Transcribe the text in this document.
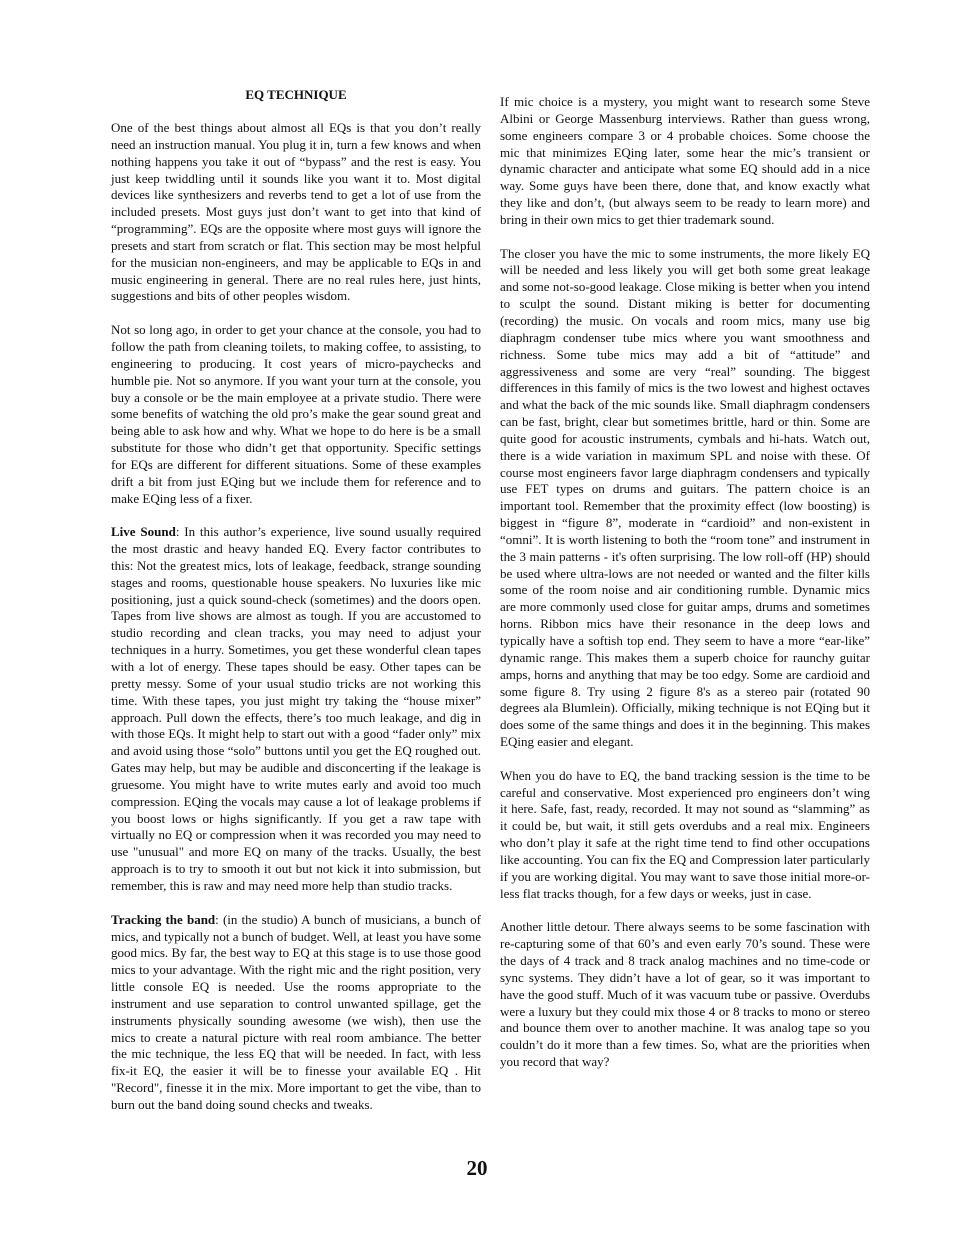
EQ TECHNIQUE

One of the best things about almost all EQs is that you don’t really need an instruction manual. You plug it in, turn a few knows and when nothing happens you take it out of “bypass” and the rest is easy. You just keep twiddling until it sounds like you want it to. Most digital devices like synthesizers and reverbs tend to get a lot of use from the included presets. Most guys just don’t want to get into that kind of “programming”. EQs are the opposite where most guys will ignore the presets and start from scratch or flat. This section may be most helpful for the musician non-engineers, and may be applicable to EQs in and music engineering in general. There are no real rules here, just hints, suggestions and bits of other peoples wisdom.

Not so long ago, in order to get your chance at the console, you had to follow the path from cleaning toilets, to making coffee, to assisting, to engineering to producing. It cost years of micro-paychecks and humble pie. Not so anymore. If you want your turn at the console, you buy a console or be the main employee at a private studio. There were some benefits of watching the old pro’s make the gear sound great and being able to ask how and why. What we hope to do here is be a small substitute for those who didn’t get that opportunity. Specific settings for EQs are different for different situations. Some of these examples drift a bit from just EQing but we include them for reference and to make EQing less of a fixer.

Live Sound: In this author’s experience, live sound usually required the most drastic and heavy handed EQ. Every factor contributes to this: Not the greatest mics, lots of leakage, feedback, strange sounding stages and rooms, questionable house speakers. No luxuries like mic positioning, just a quick sound-check (sometimes) and the doors open. Tapes from live shows are almost as tough. If you are accustomed to studio recording and clean tracks, you may need to adjust your techniques in a hurry. Sometimes, you get these wonderful clean tapes with a lot of energy. These tapes should be easy. Other tapes can be pretty messy. Some of your usual studio tricks are not working this time. With these tapes, you just might try taking the “house mixer” approach. Pull down the effects, there’s too much leakage, and dig in with those EQs. It might help to start out with a good “fader only” mix and avoid using those “solo” buttons until you get the EQ roughed out. Gates may help, but may be audible and disconcerting if the leakage is gruesome. You might have to write mutes early and avoid too much compression. EQing the vocals may cause a lot of leakage problems if you boost lows or highs significantly. If you get a raw tape with virtually no EQ or compression when it was recorded you may need to use "unusual" and more EQ on many of the tracks. Usually, the best approach is to try to smooth it out but not kick it into submission, but remember, this is raw and may need more help than studio tracks.

Tracking the band: (in the studio) A bunch of musicians, a bunch of mics, and typically not a bunch of budget. Well, at least you have some good mics. By far, the best way to EQ at this stage is to use those good mics to your advantage. With the right mic and the right position, very little console EQ is needed. Use the rooms appropriate to the instrument and use separation to control unwanted spillage, get the instruments physically sounding awesome (we wish), then use the mics to create a natural picture with real room ambiance. The better the mic technique, the less EQ that will be needed. In fact, with less fix-it EQ, the easier it will be to finesse your available EQ . Hit "Record", finesse it in the mix. More important to get the vibe, than to burn out the band doing sound checks and tweaks.

If mic choice is a mystery, you might want to research some Steve Albini or George Massenburg interviews. Rather than guess wrong, some engineers compare 3 or 4 probable choices. Some choose the mic that minimizes EQing later, some hear the mic’s transient or dynamic character and anticipate what some EQ should add in a nice way. Some guys have been there, done that, and know exactly what they like and don’t, (but always seem to be ready to learn more) and bring in their own mics to get thier trademark sound.

The closer you have the mic to some instruments, the more likely EQ will be needed and less likely you will get both some great leakage and some not-so-good leakage. Close miking is better when you intend to sculpt the sound. Distant miking is better for documenting (recording) the music. On vocals and room mics, many use big diaphragm condenser tube mics where you want smoothness and richness. Some tube mics may add a bit of “attitude” and aggressiveness and some are very “real” sounding. The biggest differences in this family of mics is the two lowest and highest octaves and what the back of the mic sounds like. Small diaphragm condensers can be fast, bright, clear but sometimes brittle, hard or thin. Some are quite good for acoustic instruments, cymbals and hi-hats. Watch out, there is a wide variation in maximum SPL and noise with these. Of course most engineers favor large diaphragm condensers and typically use FET types on drums and guitars. The pattern choice is an important tool. Remember that the proximity effect (low boosting) is biggest in “figure 8”, moderate in “cardioid” and non-existent in “omni”. It is worth listening to both the “room tone” and instrument in the 3 main patterns - it's often surprising. The low roll-off (HP) should be used where ultra-lows are not needed or wanted and the filter kills some of the room noise and air conditioning rumble. Dynamic mics are more commonly used close for guitar amps, drums and sometimes horns. Ribbon mics have their resonance in the deep lows and typically have a softish top end. They seem to have a more “ear-like” dynamic range. This makes them a superb choice for raunchy guitar amps, horns and anything that may be too edgy. Some are cardioid and some figure 8. Try using 2 figure 8's as a stereo pair (rotated 90 degrees ala Blumlein). Officially, miking technique is not EQing but it does some of the same things and does it in the beginning. This makes EQing easier and elegant.

When you do have to EQ, the band tracking session is the time to be careful and conservative. Most experienced pro engineers don’t wing it here. Safe, fast, ready, recorded. It may not sound as “slamming” as it could be, but wait, it still gets overdubs and a real mix. Engineers who don’t play it safe at the right time tend to find other occupations like accounting. You can fix the EQ and Compression later particularly if you are working digital. You may want to save those initial more-or-less flat tracks though, for a few days or weeks, just in case.

Another little detour. There always seems to be some fascination with re-capturing some of that 60’s and even early 70’s sound. These were the days of 4 track and 8 track analog machines and no time-code or sync systems. They didn’t have a lot of gear, so it was important to have the good stuff. Much of it was vacuum tube or passive. Overdubs were a luxury but they could mix those 4 or 8 tracks to mono or stereo and bounce them over to another machine. It was analog tape so you couldn’t do it more than a few times. So, what are the priorities when you record that way?

20
